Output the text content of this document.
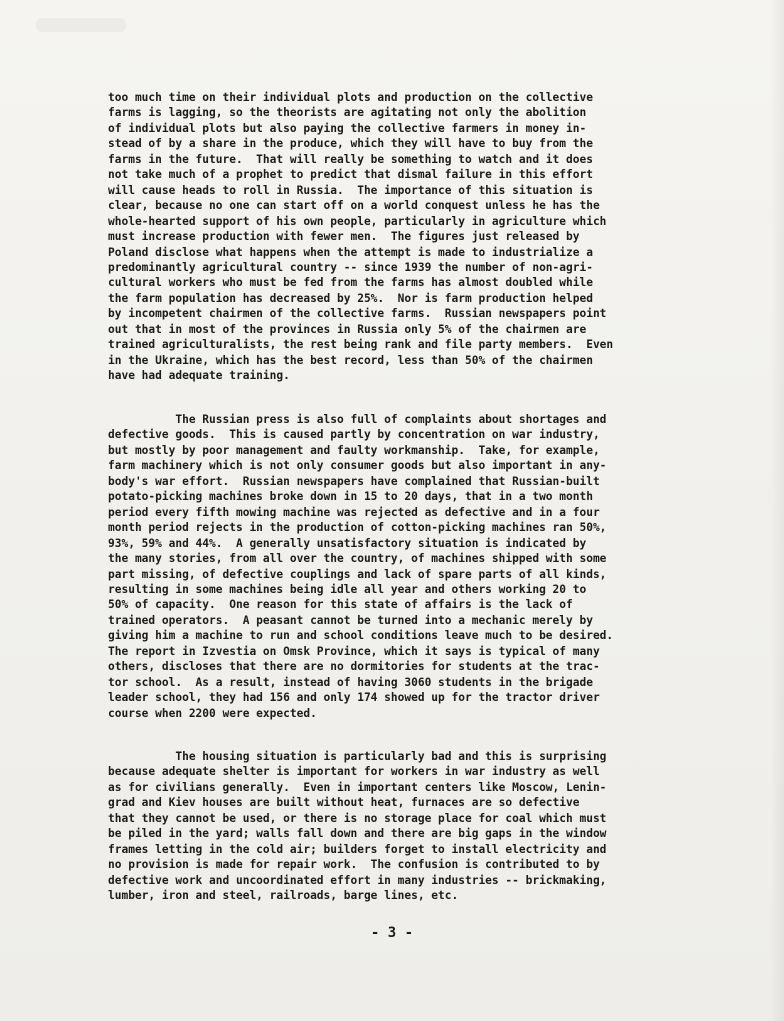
too much time on their individual plots and production on the collective
farms is lagging, so the theorists are agitating not only the abolition
of individual plots but also paying the collective farmers in money in-
stead of by a share in the produce, which they will have to buy from the
farms in the future.  That will really be something to watch and it does
not take much of a prophet to predict that dismal failure in this effort
will cause heads to roll in Russia.  The importance of this situation is
clear, because no one can start off on a world conquest unless he has the
whole-hearted support of his own people, particularly in agriculture which
must increase production with fewer men.  The figures just released by
Poland disclose what happens when the attempt is made to industrialize a
predominantly agricultural country -- since 1939 the number of non-agri-
cultural workers who must be fed from the farms has almost doubled while
the farm population has decreased by 25%.  Nor is farm production helped
by incompetent chairmen of the collective farms.  Russian newspapers point
out that in most of the provinces in Russia only 5% of the chairmen are
trained agriculturalists, the rest being rank and file party members.  Even
in the Ukraine, which has the best record, less than 50% of the chairmen
have had adequate training.
The Russian press is also full of complaints about shortages and
defective goods.  This is caused partly by concentration on war industry,
but mostly by poor management and faulty workmanship.  Take, for example,
farm machinery which is not only consumer goods but also important in any-
body's war effort.  Russian newspapers have complained that Russian-built
potato-picking machines broke down in 15 to 20 days, that in a two month
period every fifth mowing machine was rejected as defective and in a four
month period rejects in the production of cotton-picking machines ran 50%,
93%, 59% and 44%.  A generally unsatisfactory situation is indicated by
the many stories, from all over the country, of machines shipped with some
part missing, of defective couplings and lack of spare parts of all kinds,
resulting in some machines being idle all year and others working 20 to
50% of capacity.  One reason for this state of affairs is the lack of
trained operators.  A peasant cannot be turned into a mechanic merely by
giving him a machine to run and school conditions leave much to be desired.
The report in Izvestia on Omsk Province, which it says is typical of many
others, discloses that there are no dormitories for students at the trac-
tor school.  As a result, instead of having 3060 students in the brigade
leader school, they had 156 and only 174 showed up for the tractor driver
course when 2200 were expected.
The housing situation is particularly bad and this is surprising
because adequate shelter is important for workers in war industry as well
as for civilians generally.  Even in important centers like Moscow, Lenin-
grad and Kiev houses are built without heat, furnaces are so defective
that they cannot be used, or there is no storage place for coal which must
be piled in the yard; walls fall down and there are big gaps in the window
frames letting in the cold air; builders forget to install electricity and
no provision is made for repair work.  The confusion is contributed to by
defective work and uncoordinated effort in many industries -- brickmaking,
lumber, iron and steel, railroads, barge lines, etc.
- 3 -
